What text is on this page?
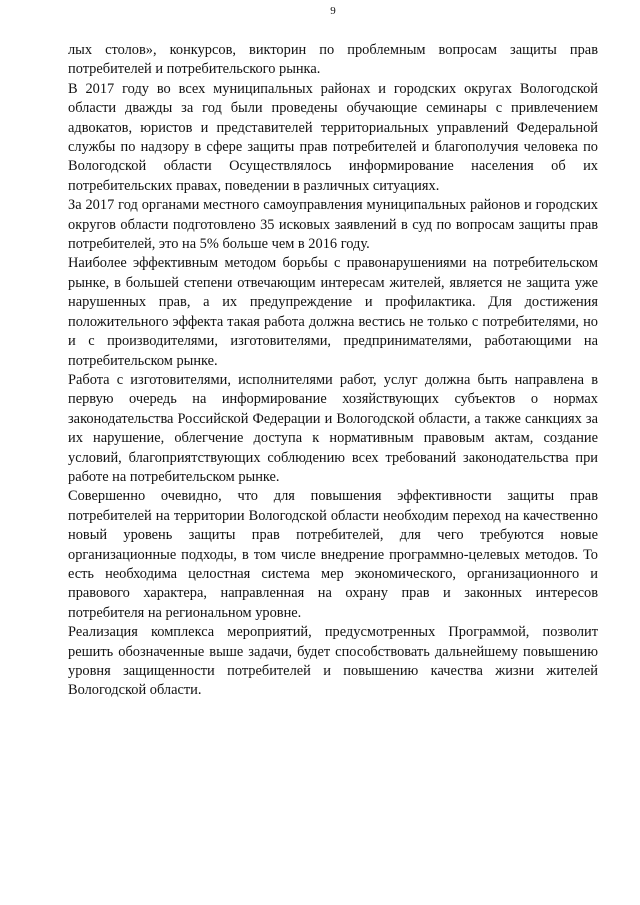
9

лых столов», конкурсов, викторин по проблемным вопросам защиты прав потребителей и потребительского рынка.

В 2017 году во всех муниципальных районах и городских округах Вологодской области дважды за год были проведены обучающие семинары с привлечением адвокатов, юристов и представителей территориальных управлений Федеральной службы по надзору в сфере защиты прав потребителей и благополучия человека по Вологодской области Осуществлялось информирование населения об их потребительских правах, поведении в различных ситуациях.

За 2017 год органами местного самоуправления муниципальных районов и городских округов области подготовлено 35 исковых заявлений в суд по вопросам защиты прав потребителей, это на 5% больше чем в 2016 году.

Наиболее эффективным методом борьбы с правонарушениями на потребительском рынке, в большей степени отвечающим интересам жителей, является не защита уже нарушенных прав, а их предупреждение и профилактика. Для достижения положительного эффекта такая работа должна вестись не только с потребителями, но и с производителями, изготовителями, предпринимателями, работающими на потребительском рынке.

Работа с изготовителями, исполнителями работ, услуг должна быть направлена в первую очередь на информирование хозяйствующих субъектов о нормах законодательства Российской Федерации и Вологодской области, а также санкциях за их нарушение, облегчение доступа к нормативным правовым актам, создание условий, благоприятствующих соблюдению всех требований законодательства при работе на потребительском рынке.

Совершенно очевидно, что для повышения эффективности защиты прав потребителей на территории Вологодской области необходим переход на качественно новый уровень защиты прав потребителей, для чего требуются новые организационные подходы, в том числе внедрение программно-целевых методов. То есть необходима целостная система мер экономического, организационного и правового характера, направленная на охрану прав и законных интересов потребителя на региональном уровне.

Реализация комплекса мероприятий, предусмотренных Программой, позволит решить обозначенные выше задачи, будет способствовать дальнейшему повышению уровня защищенности потребителей и повышению качества жизни жителей Вологодской области.
